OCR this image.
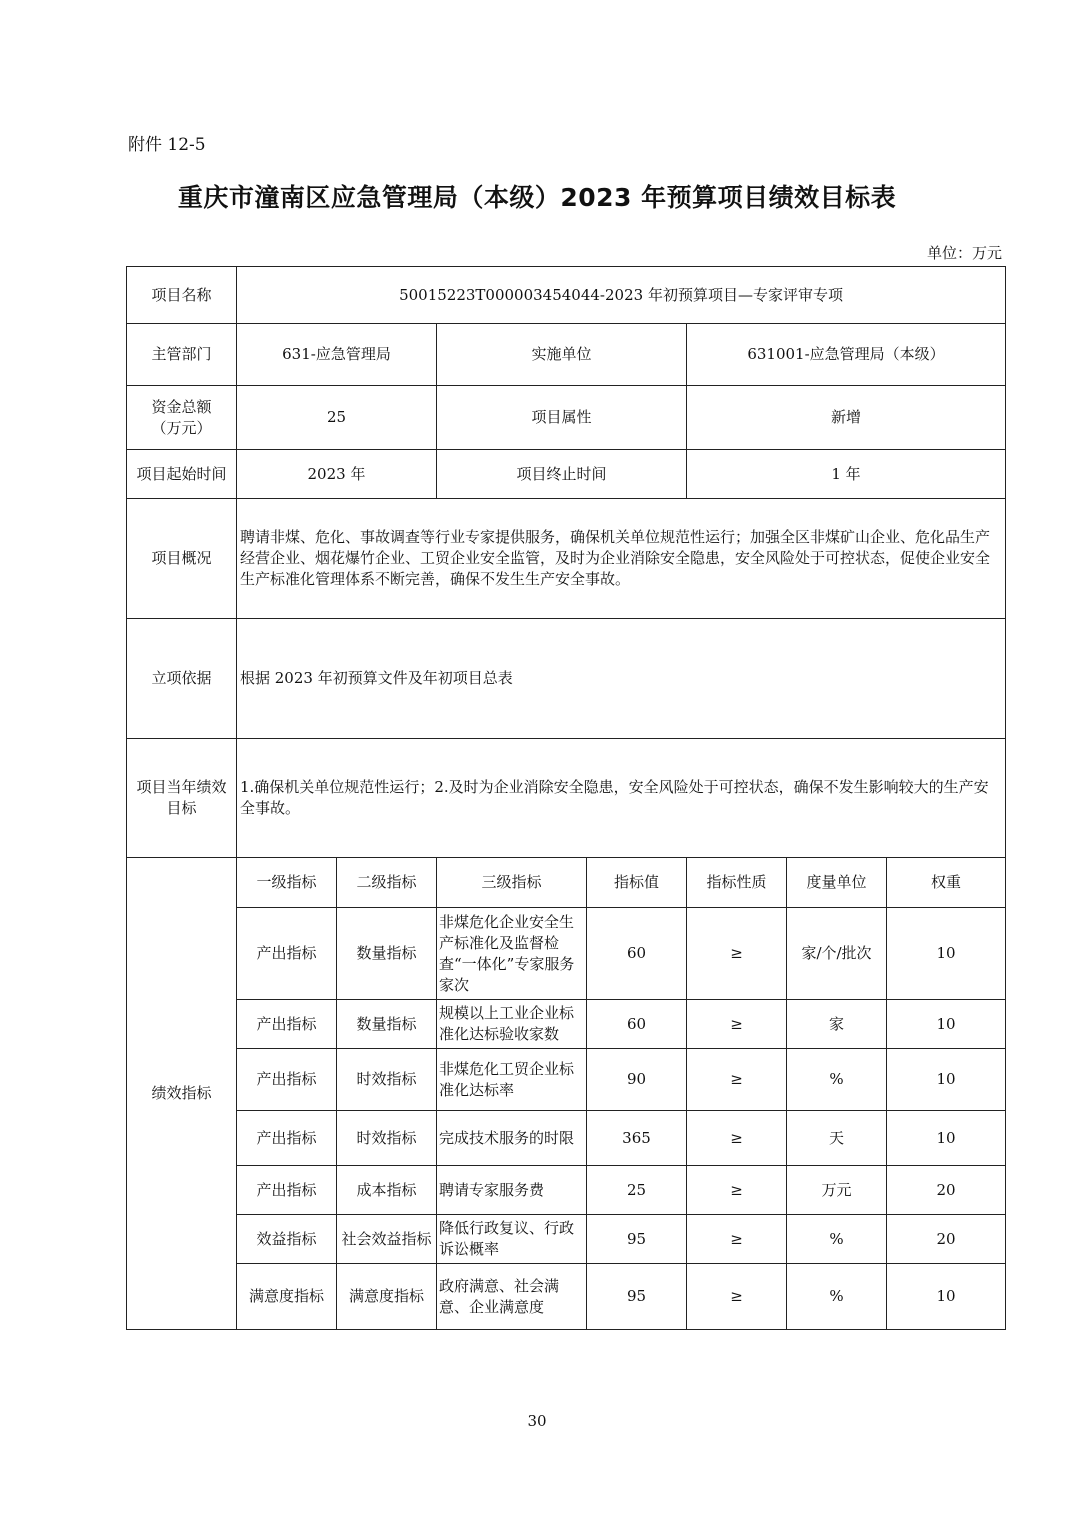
附件 12-5
重庆市潼南区应急管理局（本级）2023 年预算项目绩效目标表
单位：万元
项目名称	50015223T000003454044-2023 年初预算项目—专家评审专项						
主管部门	631-应急管理局		实施单位		631001-应急管理局（本级）		
资金总额（万元）	25		项目属性		新增		
项目起始时间	2023 年		项目终止时间		1 年		
项目概况	聘请非煤、危化、事故调查等行业专家提供服务，确保机关单位规范性运行；加强全区非煤矿山企业、危化品生产经营企业、烟花爆竹企业、工贸企业安全监管，及时为企业消除安全隐患，安全风险处于可控状态，促使企业安全生产标准化管理体系不断完善，确保不发生生产安全事故。						
立项依据	根据 2023 年初预算文件及年初项目总表						
项目当年绩效目标	1.确保机关单位规范性运行；2.及时为企业消除安全隐患，安全风险处于可控状态，确保不发生影响较大的生产安全事故。						
绩效指标	一级指标	二级指标	三级指标	指标值	指标性质	度量单位	权重
	产出指标	数量指标	非煤危化企业安全生产标准化及监督检查“一体化”专家服务家次	60	≥	家/个/批次	10
	产出指标	数量指标	规模以上工业企业标准化达标验收家数	60	≥	家	10
	产出指标	时效指标	非煤危化工贸企业标准化达标率	90	≥	%	10
	产出指标	时效指标	完成技术服务的时限	365	≥	天	10
	产出指标	成本指标	聘请专家服务费	25	≥	万元	20
	效益指标	社会效益指标	降低行政复议、行政诉讼概率	95	≥	%	20
	满意度指标	满意度指标	政府满意、社会满意、企业满意度	95	≥	%	10
30
